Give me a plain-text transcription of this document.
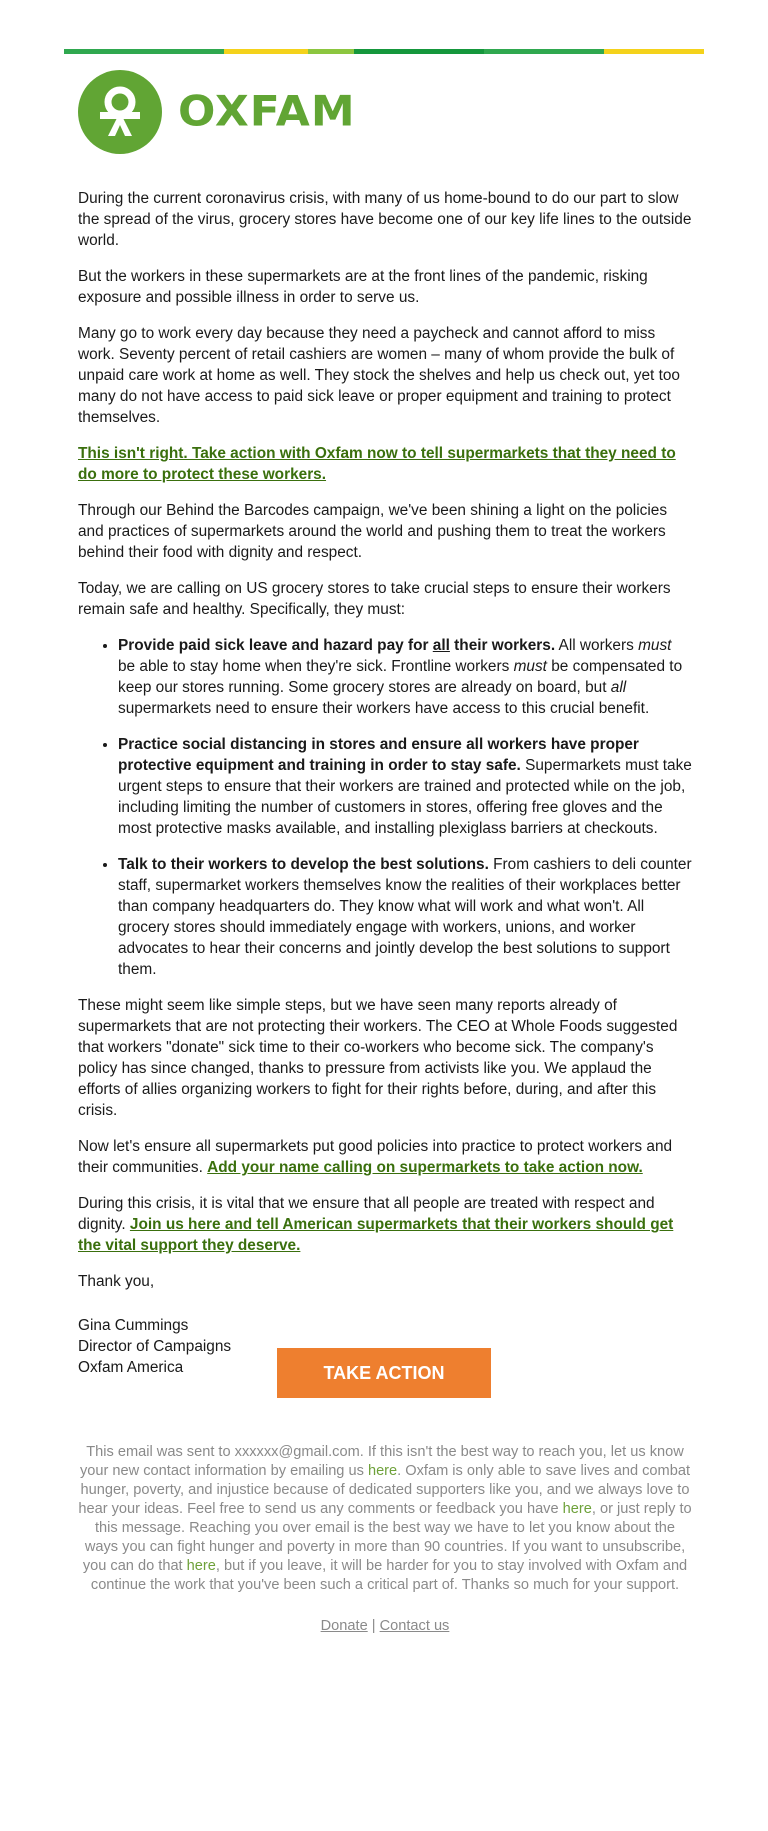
OXFAM

During the current coronavirus crisis, with many of us home-bound to do our part to slow the spread of the virus, grocery stores have become one of our key life lines to the outside world.

But the workers in these supermarkets are at the front lines of the pandemic, risking exposure and possible illness in order to serve us.

Many go to work every day because they need a paycheck and cannot afford to miss work. Seventy percent of retail cashiers are women – many of whom provide the bulk of unpaid care work at home as well. They stock the shelves and help us check out, yet too many do not have access to paid sick leave or proper equipment and training to protect themselves.

This isn't right. Take action with Oxfam now to tell supermarkets that they need to do more to protect these workers.

Through our Behind the Barcodes campaign, we've been shining a light on the policies and practices of supermarkets around the world and pushing them to treat the workers behind their food with dignity and respect.

Today, we are calling on US grocery stores to take crucial steps to ensure their workers remain safe and healthy. Specifically, they must:

• Provide paid sick leave and hazard pay for all their workers. All workers must be able to stay home when they're sick. Frontline workers must be compensated to keep our stores running. Some grocery stores are already on board, but all supermarkets need to ensure their workers have access to this crucial benefit.
• Practice social distancing in stores and ensure all workers have proper protective equipment and training in order to stay safe. Supermarkets must take urgent steps to ensure that their workers are trained and protected while on the job, including limiting the number of customers in stores, offering free gloves and the most protective masks available, and installing plexiglass barriers at checkouts.
• Talk to their workers to develop the best solutions. From cashiers to deli counter staff, supermarket workers themselves know the realities of their workplaces better than company headquarters do. They know what will work and what won't. All grocery stores should immediately engage with workers, unions, and worker advocates to hear their concerns and jointly develop the best solutions to support them.

These might seem like simple steps, but we have seen many reports already of supermarkets that are not protecting their workers. The CEO at Whole Foods suggested that workers "donate" sick time to their co-workers who become sick. The company's policy has since changed, thanks to pressure from activists like you. We applaud the efforts of allies organizing workers to fight for their rights before, during, and after this crisis.

Now let's ensure all supermarkets put good policies into practice to protect workers and their communities. Add your name calling on supermarkets to take action now.

During this crisis, it is vital that we ensure that all people are treated with respect and dignity. Join us here and tell American supermarkets that their workers should get the vital support they deserve.

Thank you,

Gina Cummings

Director of Campaigns

Oxfam America	TAKE ACTION
This email was sent to xxxxxx@gmail.com. If this isn't the best way to reach you, let us know your new contact information by emailing us here. Oxfam is only able to save lives and combat hunger, poverty, and injustice because of dedicated supporters like you, and we always love to hear your ideas. Feel free to send us any comments or feedback you have here, or just reply to this message. Reaching you over email is the best way we have to let you know about the ways you can fight hunger and poverty in more than 90 countries. If you want to unsubscribe, you can do that here, but if you leave, it will be harder for you to stay involved with Oxfam and continue the work that you've been such a critical part of. Thanks so much for your support.
Donate | Contact us
